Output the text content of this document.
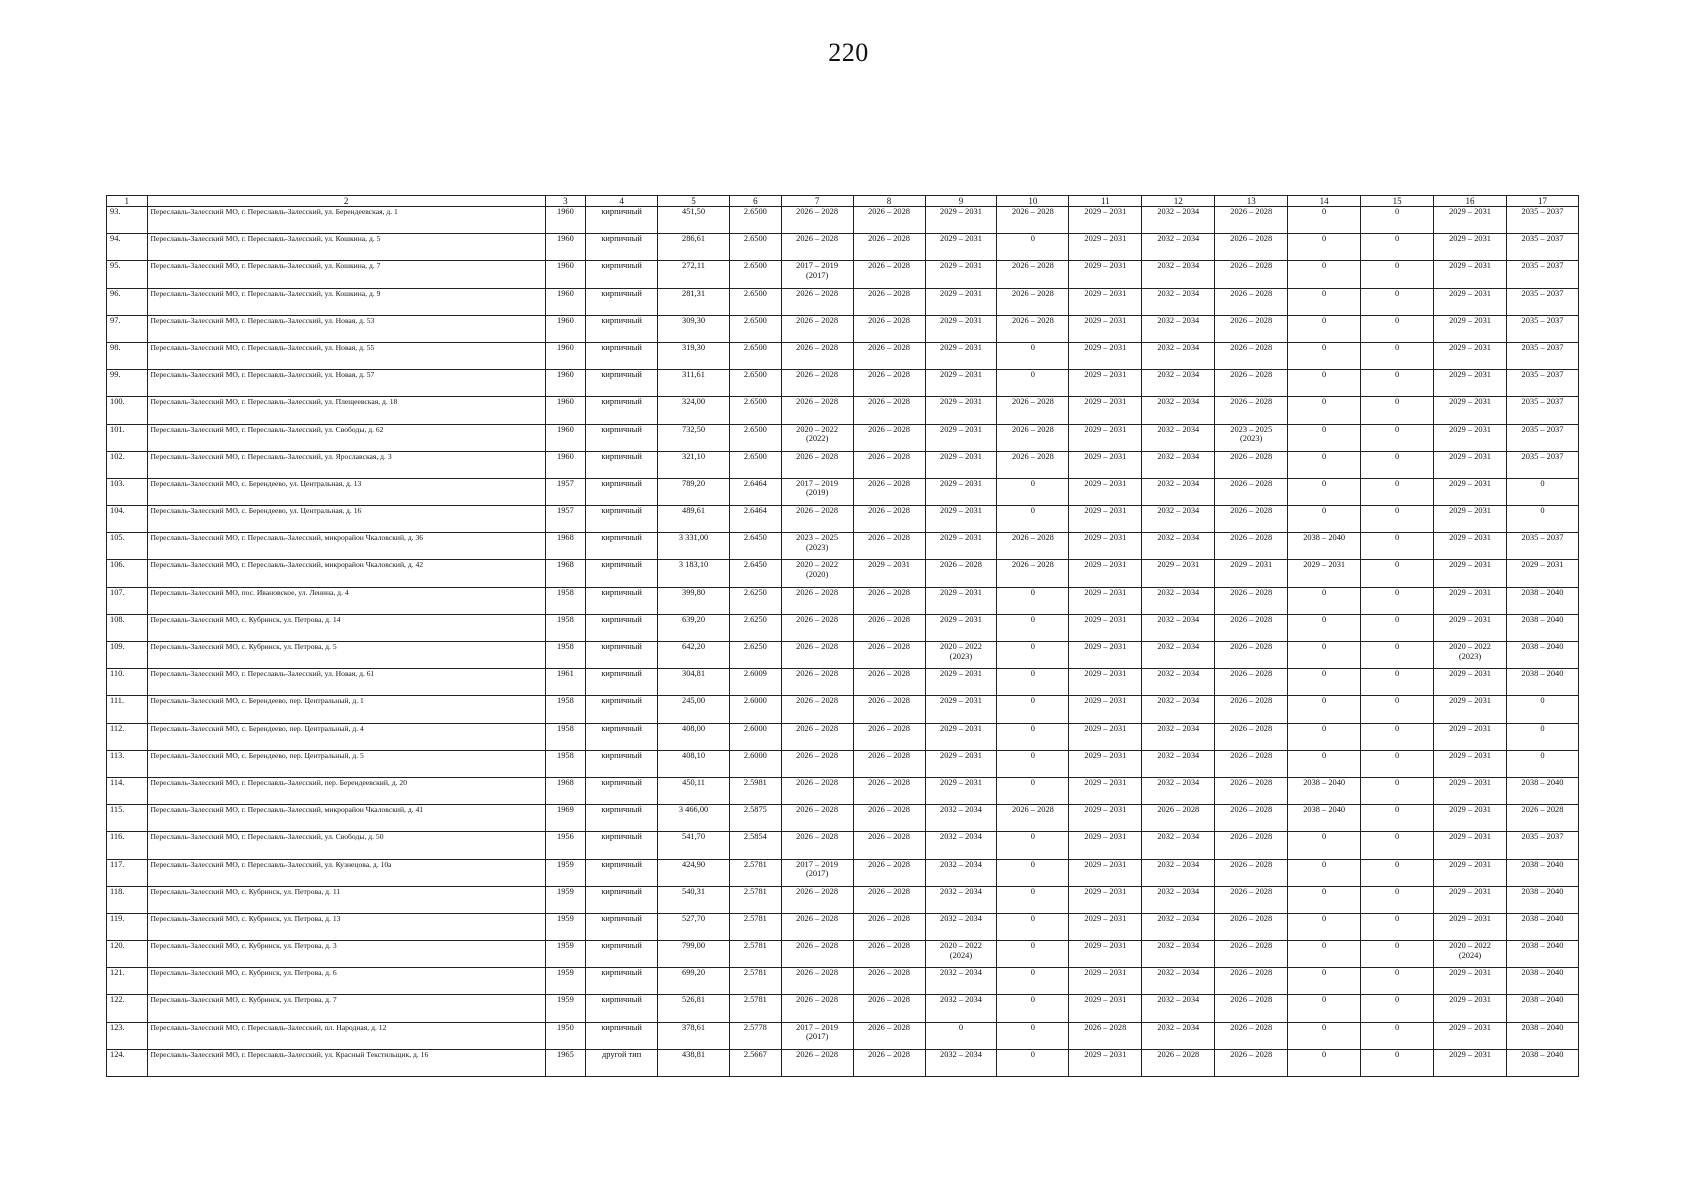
220
1	2	3	4	5	6	7	8	9	10	11	12	13	14	15	16	17
93.	Переславль-Залесский МО, г. Переславль-Залесский, ул. Берендеевская, д. 1	1960	кирпичный	451,50	2.6500	2026 – 2028	2026 – 2028	2029 – 2031	2026 – 2028	2029 – 2031	2032 – 2034	2026 – 2028	0	0	2029 – 2031	2035 – 2037
94.	Переславль-Залесский МО, г. Переславль-Залесский, ул. Кошкина, д. 5	1960	кирпичный	286,61	2.6500	2026 – 2028	2026 – 2028	2029 – 2031	0	2029 – 2031	2032 – 2034	2026 – 2028	0	0	2029 – 2031	2035 – 2037
95.	Переславль-Залесский МО, г. Переславль-Залесский, ул. Кошкина, д. 7	1960	кирпичный	272,11	2.6500	2017 – 2019
(2017)	2026 – 2028	2029 – 2031	2026 – 2028	2029 – 2031	2032 – 2034	2026 – 2028	0	0	2029 – 2031	2035 – 2037
96.	Переславль-Залесский МО, г. Переславль-Залесский, ул. Кошкина, д. 9	1960	кирпичный	281,31	2.6500	2026 – 2028	2026 – 2028	2029 – 2031	2026 – 2028	2029 – 2031	2032 – 2034	2026 – 2028	0	0	2029 – 2031	2035 – 2037
97.	Переславль-Залесский МО, г. Переславль-Залесский, ул. Новая, д. 53	1960	кирпичный	309,30	2.6500	2026 – 2028	2026 – 2028	2029 – 2031	2026 – 2028	2029 – 2031	2032 – 2034	2026 – 2028	0	0	2029 – 2031	2035 – 2037
98.	Переславль-Залесский МО, г. Переславль-Залесский, ул. Новая, д. 55	1960	кирпичный	319,30	2.6500	2026 – 2028	2026 – 2028	2029 – 2031	0	2029 – 2031	2032 – 2034	2026 – 2028	0	0	2029 – 2031	2035 – 2037
99.	Переславль-Залесский МО, г. Переславль-Залесский, ул. Новая, д. 57	1960	кирпичный	311,61	2.6500	2026 – 2028	2026 – 2028	2029 – 2031	0	2029 – 2031	2032 – 2034	2026 – 2028	0	0	2029 – 2031	2035 – 2037
100.	Переславль-Залесский МО, г. Переславль-Залесский, ул. Плещеевская, д. 18	1960	кирпичный	324,00	2.6500	2026 – 2028	2026 – 2028	2029 – 2031	2026 – 2028	2029 – 2031	2032 – 2034	2026 – 2028	0	0	2029 – 2031	2035 – 2037
101.	Переславль-Залесский МО, г. Переславль-Залесский, ул. Свободы, д. 62	1960	кирпичный	732,50	2.6500	2020 – 2022
(2022)	2026 – 2028	2029 – 2031	2026 – 2028	2029 – 2031	2032 – 2034	2023 – 2025
(2023)	0	0	2029 – 2031	2035 – 2037
102.	Переславль-Залесский МО, г. Переславль-Залесский, ул. Ярославская, д. 3	1960	кирпичный	321,10	2.6500	2026 – 2028	2026 – 2028	2029 – 2031	2026 – 2028	2029 – 2031	2032 – 2034	2026 – 2028	0	0	2029 – 2031	2035 – 2037
103.	Переславль-Залесский МО, с. Берендеево, ул. Центральная, д. 13	1957	кирпичный	789,20	2.6464	2017 – 2019
(2019)	2026 – 2028	2029 – 2031	0	2029 – 2031	2032 – 2034	2026 – 2028	0	0	2029 – 2031	0
104.	Переславль-Залесский МО, с. Берендеево, ул. Центральная, д. 16	1957	кирпичный	489,61	2.6464	2026 – 2028	2026 – 2028	2029 – 2031	0	2029 – 2031	2032 – 2034	2026 – 2028	0	0	2029 – 2031	0
105.	Переславль-Залесский МО, г. Переславль-Залесский, микрорайон Чкаловский, д. 36	1968	кирпичный	3 331,00	2.6450	2023 – 2025
(2023)	2026 – 2028	2029 – 2031	2026 – 2028	2029 – 2031	2032 – 2034	2026 – 2028	2038 – 2040	0	2029 – 2031	2035 – 2037
106.	Переславль-Залесский МО, г. Переславль-Залесский, микрорайон Чкаловский, д. 42	1968	кирпичный	3 183,10	2.6450	2020 – 2022
(2020)	2029 – 2031	2026 – 2028	2026 – 2028	2029 – 2031	2029 – 2031	2029 – 2031	2029 – 2031	0	2029 – 2031	2029 – 2031
107.	Переславль-Залесский МО, пос. Ивановское, ул. Ленина, д. 4	1958	кирпичный	399,80	2.6250	2026 – 2028	2026 – 2028	2029 – 2031	0	2029 – 2031	2032 – 2034	2026 – 2028	0	0	2029 – 2031	2038 – 2040
108.	Переславль-Залесский МО, с. Кубринск, ул. Петрова, д. 14	1958	кирпичный	639,20	2.6250	2026 – 2028	2026 – 2028	2029 – 2031	0	2029 – 2031	2032 – 2034	2026 – 2028	0	0	2029 – 2031	2038 – 2040
109.	Переславль-Залесский МО, с. Кубринск, ул. Петрова, д. 5	1958	кирпичный	642,20	2.6250	2026 – 2028	2026 – 2028	2020 – 2022
(2023)	0	2029 – 2031	2032 – 2034	2026 – 2028	0	0	2020 – 2022
(2023)	2038 – 2040
110.	Переславль-Залесский МО, г. Переславль-Залесский, ул. Новая, д. 61	1961	кирпичный	304,81	2.6009	2026 – 2028	2026 – 2028	2029 – 2031	0	2029 – 2031	2032 – 2034	2026 – 2028	0	0	2029 – 2031	2038 – 2040
111.	Переславль-Залесский МО, с. Берендеево, пер. Центральный, д. 1	1958	кирпичный	245,00	2.6000	2026 – 2028	2026 – 2028	2029 – 2031	0	2029 – 2031	2032 – 2034	2026 – 2028	0	0	2029 – 2031	0
112.	Переславль-Залесский МО, с. Берендеево, пер. Центральный, д. 4	1958	кирпичный	408,00	2.6000	2026 – 2028	2026 – 2028	2029 – 2031	0	2029 – 2031	2032 – 2034	2026 – 2028	0	0	2029 – 2031	0
113.	Переславль-Залесский МО, с. Берендеево, пер. Центральный, д. 5	1958	кирпичный	408,10	2.6000	2026 – 2028	2026 – 2028	2029 – 2031	0	2029 – 2031	2032 – 2034	2026 – 2028	0	0	2029 – 2031	0
114.	Переславль-Залесский МО, г. Переславль-Залесский, пер. Берендеевский, д. 20	1968	кирпичный	450,11	2.5981	2026 – 2028	2026 – 2028	2029 – 2031	0	2029 – 2031	2032 – 2034	2026 – 2028	2038 – 2040	0	2029 – 2031	2038 – 2040
115.	Переславль-Залесский МО, г. Переславль-Залесский, микрорайон Чкаловский, д. 41	1969	кирпичный	3 466,00	2.5875	2026 – 2028	2026 – 2028	2032 – 2034	2026 – 2028	2029 – 2031	2026 – 2028	2026 – 2028	2038 – 2040	0	2029 – 2031	2026 – 2028
116.	Переславль-Залесский МО, г. Переславль-Залесский, ул. Свободы, д. 50	1956	кирпичный	541,70	2.5854	2026 – 2028	2026 – 2028	2032 – 2034	0	2029 – 2031	2032 – 2034	2026 – 2028	0	0	2029 – 2031	2035 – 2037
117.	Переславль-Залесский МО, г. Переславль-Залесский, ул. Кузнецова, д. 10а	1959	кирпичный	424,90	2.5781	2017 – 2019
(2017)	2026 – 2028	2032 – 2034	0	2029 – 2031	2032 – 2034	2026 – 2028	0	0	2029 – 2031	2038 – 2040
118.	Переславль-Залесский МО, с. Кубринск, ул. Петрова, д. 11	1959	кирпичный	540,31	2.5781	2026 – 2028	2026 – 2028	2032 – 2034	0	2029 – 2031	2032 – 2034	2026 – 2028	0	0	2029 – 2031	2038 – 2040
119.	Переславль-Залесский МО, с. Кубринск, ул. Петрова, д. 13	1959	кирпичный	527,70	2.5781	2026 – 2028	2026 – 2028	2032 – 2034	0	2029 – 2031	2032 – 2034	2026 – 2028	0	0	2029 – 2031	2038 – 2040
120.	Переславль-Залесский МО, с. Кубринск, ул. Петрова, д. 3	1959	кирпичный	799,00	2.5781	2026 – 2028	2026 – 2028	2020 – 2022
(2024)	0	2029 – 2031	2032 – 2034	2026 – 2028	0	0	2020 – 2022
(2024)	2038 – 2040
121.	Переславль-Залесский МО, с. Кубринск, ул. Петрова, д. 6	1959	кирпичный	699,20	2.5781	2026 – 2028	2026 – 2028	2032 – 2034	0	2029 – 2031	2032 – 2034	2026 – 2028	0	0	2029 – 2031	2038 – 2040
122.	Переславль-Залесский МО, с. Кубринск, ул. Петрова, д. 7	1959	кирпичный	526,81	2.5781	2026 – 2028	2026 – 2028	2032 – 2034	0	2029 – 2031	2032 – 2034	2026 – 2028	0	0	2029 – 2031	2038 – 2040
123.	Переславль-Залесский МО, г. Переславль-Залесский, пл. Народная, д. 12	1950	кирпичный	378,61	2.5778	2017 – 2019
(2017)	2026 – 2028	0	0	2026 – 2028	2032 – 2034	2026 – 2028	0	0	2029 – 2031	2038 – 2040
124.	Переславль-Залесский МО, г. Переславль-Залесский, ул. Красный Текстильщик, д. 16	1965	другой тип	438,81	2.5667	2026 – 2028	2026 – 2028	2032 – 2034	0	2029 – 2031	2026 – 2028	2026 – 2028	0	0	2029 – 2031	2038 – 2040
